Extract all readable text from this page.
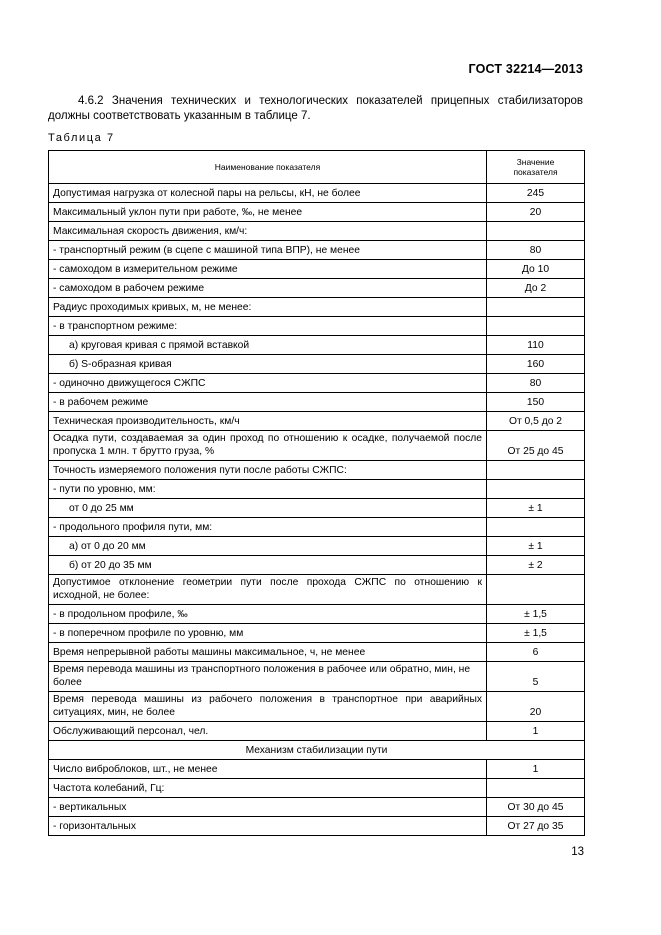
ГОСТ 32214—2013

4.6.2 Значения технических и технологических показателей прицепных стабилизаторов должны соответствовать указанным в таблице 7.

Таблица 7
Наименование показателя	Значение показателя
Допустимая нагрузка от колесной пары на рельсы, кН, не более	245
Максимальный уклон пути при работе, ‰, не менее	20
Максимальная скорость движения, км/ч:	
- транспортный режим (в сцепе с машиной типа ВПР), не менее	80
- самоходом в измерительном режиме	До 10
- самоходом в рабочем режиме	До 2
Радиус проходимых кривых, м, не менее:	
- в транспортном режиме:	
а) круговая кривая с прямой вставкой	110
б) S-образная кривая	160
- одиночно движущегося СЖПС	80
- в рабочем режиме	150
Техническая производительность, км/ч	От 0,5 до 2
Осадка пути, создаваемая за один проход по отношению к осадке, получаемой после пропуска 1 млн. т брутто груза, %	От 25 до 45
Точность измеряемого положения пути после работы СЖПС:	
- пути по уровню, мм:	
от 0 до 25 мм	± 1
- продольного профиля пути, мм:	
а) от 0 до 20 мм	± 1
б) от 20 до 35 мм	± 2
Допустимое отклонение геометрии пути после прохода СЖПС по отношению к исходной, не более:	
- в продольном профиле, ‰	± 1,5
- в поперечном профиле по уровню, мм	± 1,5
Время непрерывной работы машины максимальное, ч, не менее	6
Время перевода машины из транспортного положения в рабочее или обратно, мин, не более	5
Время перевода машины из рабочего положения в транспортное при аварийных ситуациях, мин, не более	20
Обслуживающий персонал, чел.	1
Механизм стабилизации пути	
Число виброблоков, шт., не менее	1
Частота колебаний, Гц:	
- вертикальных	От 30 до 45
- горизонтальных	От 27 до 35
13
